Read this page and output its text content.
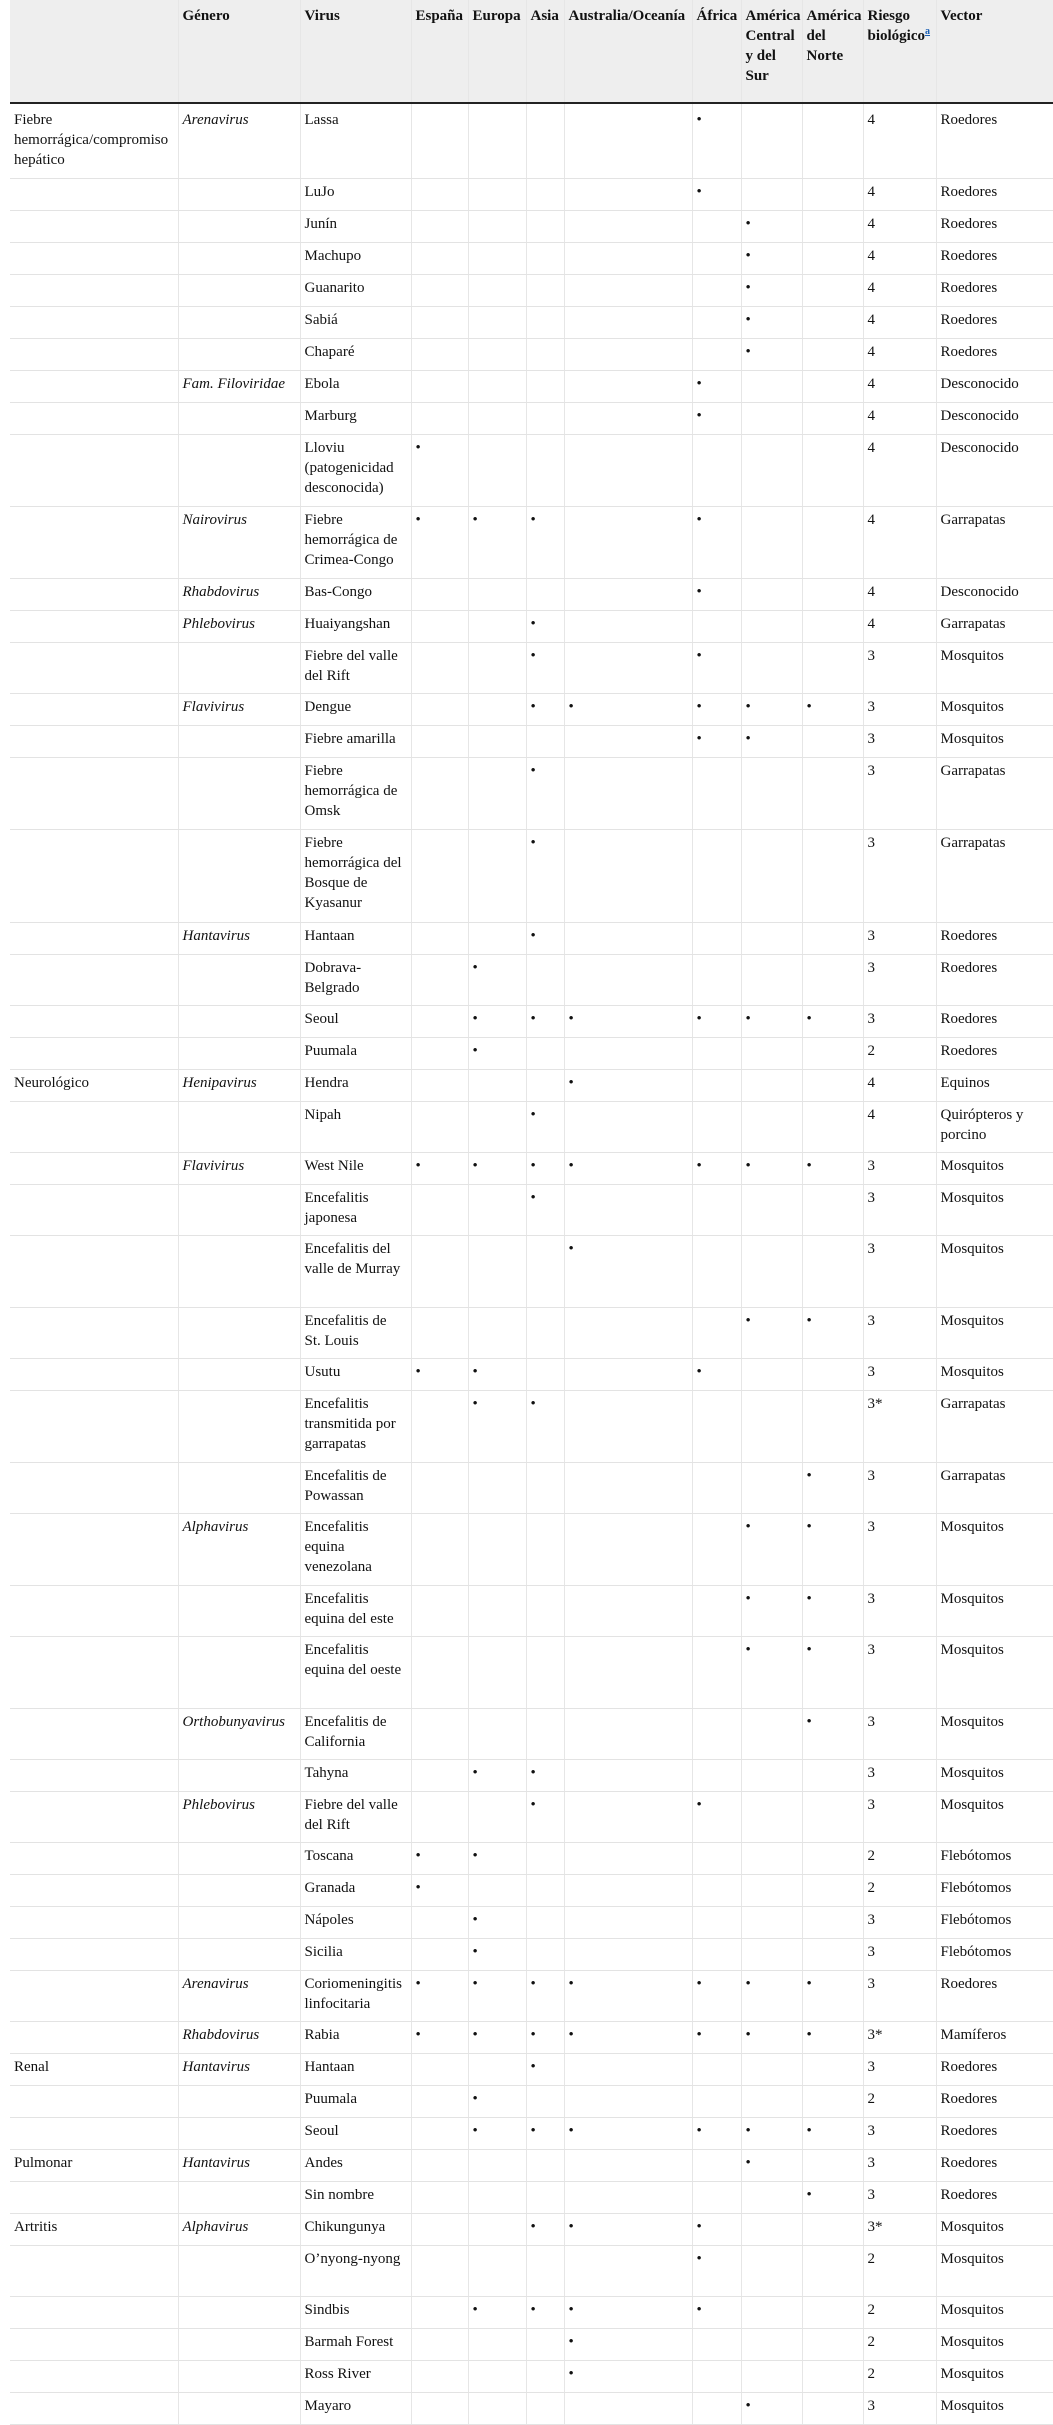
	Género	Virus	España	Europa	Asia	Australia/Oceanía	África	América Central y del Sur	América del Norte	Riesgo biológico$^a$	Vector
Fiebre hemorrágica/compromiso hepático	Arenavirus	Lassa					•			4	Roedores
		LuJo					•			4	Roedores
		Junín						•		4	Roedores
		Machupo						•		4	Roedores
		Guanarito						•		4	Roedores
		Sabiá						•		4	Roedores
		Chaparé						•		4	Roedores
	Fam. Filoviridae	Ebola					•			4	Desconocido
		Marburg					•			4	Desconocido
		Lloviu (patogenicidad desconocida)	•							4	Desconocido
	Nairovirus	Fiebre hemorrágica de Crimea-Congo	•	•	•		•			4	Garrapatas
	Rhabdovirus	Bas-Congo					•			4	Desconocido
	Phlebovirus	Huaiyangshan			•					4	Garrapatas
		Fiebre del valle del Rift			•		•			3	Mosquitos
	Flavivirus	Dengue			•	•	•	•	•	3	Mosquitos
		Fiebre amarilla					•	•		3	Mosquitos
		Fiebre hemorrágica de Omsk			•					3	Garrapatas
		Fiebre hemorrágica del Bosque de Kyasanur			•					3	Garrapatas
	Hantavirus	Hantaan			•					3	Roedores
		Dobrava-Belgrado		•						3	Roedores
		Seoul		•	•	•	•	•	•	3	Roedores
		Puumala		•						2	Roedores
Neurológico	Henipavirus	Hendra				•				4	Equinos
		Nipah			•					4	Quirópteros y porcino
	Flavivirus	West Nile	•	•	•	•	•	•	•	3	Mosquitos
		Encefalitis japonesa			•					3	Mosquitos
		Encefalitis del valle de Murray				•				3	Mosquitos
		Encefalitis de St. Louis						•	•	3	Mosquitos
		Usutu	•	•			•			3	Mosquitos
		Encefalitis transmitida por garrapatas		•	•					3*	Garrapatas
		Encefalitis de Powassan							•	3	Garrapatas
	Alphavirus	Encefalitis equina venezolana						•	•	3	Mosquitos
		Encefalitis equina del este						•	•	3	Mosquitos
		Encefalitis equina del oeste						•	•	3	Mosquitos
	Orthobunyavirus	Encefalitis de California							•	3	Mosquitos
		Tahyna		•	•					3	Mosquitos
	Phlebovirus	Fiebre del valle del Rift			•		•			3	Mosquitos
		Toscana	•	•						2	Flebótomos
		Granada	•							2	Flebótomos
		Nápoles		•						3	Flebótomos
		Sicilia		•						3	Flebótomos
	Arenavirus	Coriomeningitis linfocitaria	•	•	•	•	•	•	•	3	Roedores
	Rhabdovirus	Rabia	•	•	•	•	•	•	•	3*	Mamíferos
Renal	Hantavirus	Hantaan			•					3	Roedores
		Puumala		•						2	Roedores
		Seoul		•	•	•	•	•	•	3	Roedores
Pulmonar	Hantavirus	Andes						•		3	Roedores
		Sin nombre							•	3	Roedores
Artritis	Alphavirus	Chikungunya			•	•	•			3*	Mosquitos
		O’nyong-nyong					•			2	Mosquitos
		Sindbis		•	•	•	•			2	Mosquitos
		Barmah Forest				•				2	Mosquitos
		Ross River				•				2	Mosquitos
		Mayaro						•		3	Mosquitos
